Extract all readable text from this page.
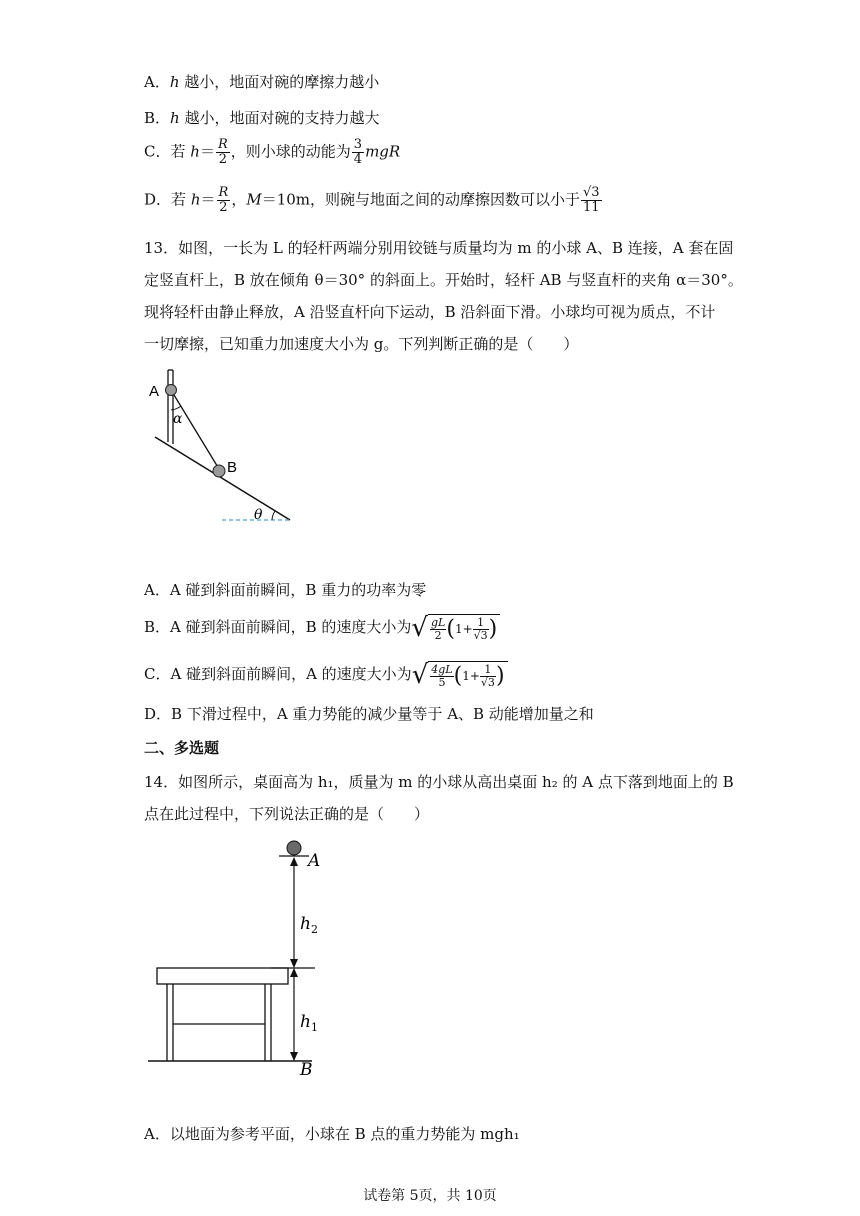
A．h 越小，地面对碗的摩擦力越小
B．h 越小，地面对碗的支持力越大
C．若 $h= \frac{R}{2}$ ，则小球的动能为 $\frac{3}{4}$ mgR
D．若 $h= \frac{R}{2}$ ，M＝10m，则碗与地面之间的动摩擦因数可以小于 $\frac{√3}{11}$
13．如图，一长为 L 的轻杆两端分别用铰链与质量均为 m 的小球 A、B 连接，A 套在固
定竖直杆上，B 放在倾角 θ＝30° 的斜面上。开始时，轻杆 AB 与竖直杆的夹角 α＝30°。
现将轻杆由静止释放，A 沿竖直杆向下运动，B 沿斜面下滑。小球均可视为质点，不计
一切摩擦，已知重力加速度大小为 g。下列判断正确的是（　　）
A
B
α
θ
A．A 碰到斜面前瞬间，B 重力的功率为零
B．A 碰到斜面前瞬间，B 的速度大小为√ $\frac{gL}{2} (1+ \frac{1}{√3}$ )
C．A 碰到斜面前瞬间，A 的速度大小为√ $\frac{4gL}{5} (1+ \frac{1}{√3}$ )
D．B 下滑过程中，A 重力势能的减少量等于 A、B 动能增加量之和
二、多选题
14．如图所示，桌面高为 h₁，质量为 m 的小球从高出桌面 h₂ 的 A 点下落到地面上的 B
点在此过程中，下列说法正确的是（　　）
A
B
$h_2$
$h_1$
A．以地面为参考平面，小球在 B 点的重力势能为 mgh₁
试卷第 5页，共 10页
